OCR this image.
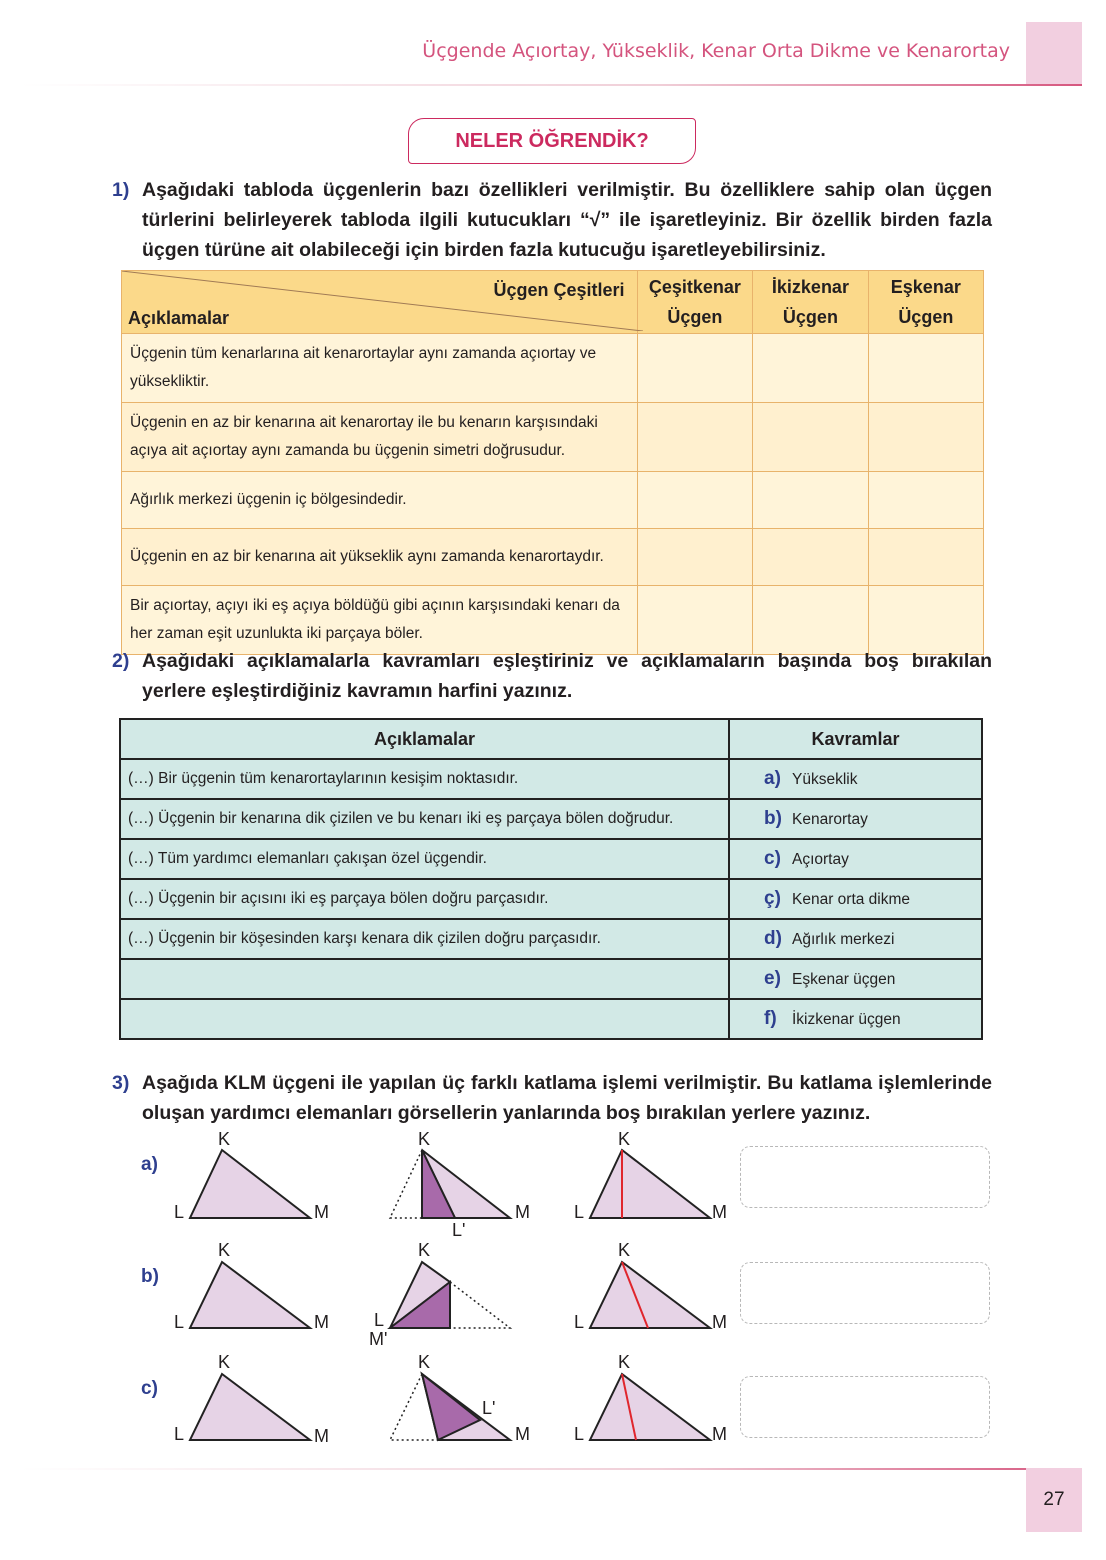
Üçgende Açıortay, Yükseklik, Kenar Orta Dikme ve Kenarortay
NELER ÖĞRENDİK?
1) Aşağıdaki tabloda üçgenlerin bazı özellikleri verilmiştir. Bu özelliklere sahip olan üçgen türlerini belirleyerek tabloda ilgili kutucukları “√” ile işaretleyiniz. Bir özellik birden fazla üçgen türüne ait olabileceği için birden fazla kutucuğu işaretleyebilirsiniz.
Üçgen Çeşitleri
Açıklamalar	Çeşitkenar Üçgen	İkizkenar Üçgen	Eşkenar Üçgen
Üçgenin tüm kenarlarına ait kenarortaylar aynı zamanda açıortay ve yüksekliktir.			
Üçgenin en az bir kenarına ait kenarortay ile bu kenarın karşısındaki açıya ait açıortay aynı zamanda bu üçgenin simetri doğrusudur.			
Ağırlık merkezi üçgenin iç bölgesindedir.			
Üçgenin en az bir kenarına ait yükseklik aynı zamanda kenarortaydır.			
Bir açıortay, açıyı iki eş açıya böldüğü gibi açının karşısındaki kenarı da her zaman eşit uzunlukta iki parçaya böler.			
2) Aşağıdaki açıklamalarla kavramları eşleştiriniz ve açıklamaların başında boş bırakılan yerlere eşleştirdiğiniz kavramın harfini yazınız.
Açıklamalar	Kavramlar
(…) Bir üçgenin tüm kenarortaylarının kesişim noktasıdır.	a) Yükseklik
(…) Üçgenin bir kenarına dik çizilen ve bu kenarı iki eş parçaya bölen doğrudur.	b) Kenarortay
(…) Tüm yardımcı elemanları çakışan özel üçgendir.	c) Açıortay
(…) Üçgenin bir açısını iki eş parçaya bölen doğru parçasıdır.	ç) Kenar orta dikme
(…) Üçgenin bir köşesinden karşı kenara dik çizilen doğru parçasıdır.	d) Ağırlık merkezi
	e) Eşkenar üçgen
	f) İkizkenar üçgen
3) Aşağıda KLM üçgeni ile yapılan üç farklı katlama işlemi verilmiştir. Bu katlama işlemlerinde oluşan yardımcı elemanları görsellerin yanlarında boş bırakılan yerlere yazınız.
a)
b)
c)
K
L	M
K
M
L'
K
L	M
K
L	M
K
L
M'
K
L	M
K
L	M
K
M
L'
K
L	M
27
